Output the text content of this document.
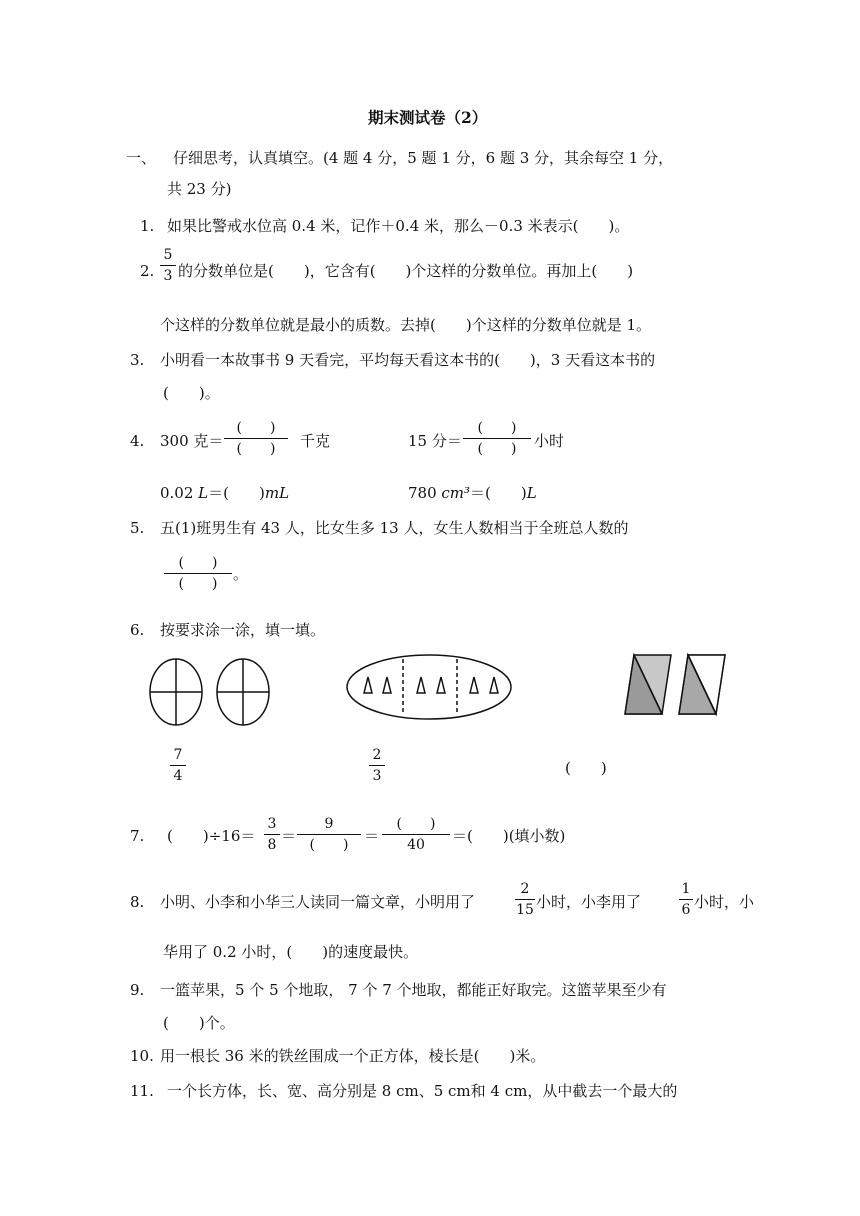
期末测试卷（2）
一、 仔细思考，认真填空。(4 题 4 分，5 题 1 分，6 题 3 分，其余每空 1 分，
共 23 分)
1. 如果比警戒水位高 0.4 米，记作＋0.4 米，那么－0.3 米表示(　　)。
2.
5
3 的分数单位是(　　)，它含有(　　)个这样的分数单位。再加上(　　)
个这样的分数单位就是最小的质数。去掉(　　)个这样的分数单位就是 1。
3. 小明看一本故事书 9 天看完，平均每天看这本书的(　　)，3 天看这本书的
(　　)。
4. 300 克＝
(　　)
(　　)	千克	15 分＝
(　　)
(　　)	小时
0.02 L＝(　　)mL	780 cm³＝(　　)L
5. 五(1)班男生有 43 人，比女生多 13 人，女生人数相当于全班总人数的
(　　)
(　　)
。
6. 按要求涂一涂，填一填。
7
4
2
3	(　　)
7. (　　)÷16＝
3
8 ＝
9
(　　)	＝
(　　)
40	＝(　　)(填小数)
8. 小明、小李和小华三人读同一篇文章，小明用了
2
15 小时，小李用了
1
6 小时，小
华用了 0.2 小时，(　　)的速度最快。
9. 一篮苹果，5 个 5 个地取， 7 个 7 个地取，都能正好取完。这篮苹果至少有
(　　)个。
10. 用一根长 36 米的铁丝围成一个正方体，棱长是(　　)米。
11. 一个长方体，长、宽、高分别是 8 cm、5 cm和 4 cm，从中截去一个最大的
